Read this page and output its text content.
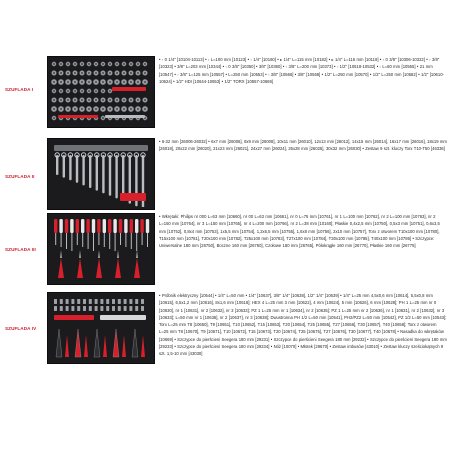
SZUFLADA I

• ◦ 0 1/4" [10104-10113] • ◦ L=100 mm [10123] • ◦ 1/4" [10160] • ▸ 1/4" L=115 mm [10182] • ▸ 1/4" L=116 mm [10119] • ◦ 0 3/8" [10306-10322] • ◦ 3/8" [10323] • 3/8" L=203 mm [10344] • ◦ 0 3/8" [10350] • 3/8" [10360] • ◦ 3/8" L=200 mm [10373] • ◦ 1/2" [10518-10532] • ◦ L=60 mm [10555] • 21 mm [10547] • ◦ 3/8" L=125 mm [10557] • L=250 mm [10553] • ◦ 3/8" [10566] • 3/8" [10568] • 1/2" L=250 mm [10570] • 1/2" L=250 mm [10582] • 1/2" [10610-10624] • 1/2" HDI [10644-10653] • 1/2" TORX [10657-10669]

SZUFLADA II

• 6-32 mm [26006-26032] • 6x7 mm [26006], 8x9 mm [26008], 10x11 mm [26010], 12x13 mm [26012], 14x15 mm [26014], 16x17 mm [26016], 18x19 mm [26018], 20x22 mm [26020], 21x23 mm [26021], 24x27 mm [26024], 25x28 mm [26025], 30x32 mm [26030] • Zestaw 9 szt. kluczy Torx T10-T50 [46336]

SZUFLADA III

• Wkrętaki: Philips nr 000 L=63 mm [10660], nr 00 L=63 mm [10661], nr 0 L=75 mm [10761], nr 1 L=100 mm [10762], nr 2 L=100 mm [10763], nr 2 L=150 mm [10764], nr 3 L=150 mm [10765], nr 4 L=200 mm [10766], nr 2 L=38 mm [10160]; Płaskie 0,4x2,5 mm [10750], 0,5x3 mm [10751], 0,6x3,5 mm [10752], 0,8x4 mm [10753], 1x5,5 mm [10754], 1,2x6,5 mm [10755], 1,6x8 mm [10756], 2x10 mm [10757], Torx z otworem T10x100 mm [10780], T15x100 mm [10781], T20x100 mm [10782], T25x100 mm [10783], T27x100 mm [10784], T30x100 mm [10785], T40x100 mm [10786] • Szczypce: Uniwersalne 180 mm [26750], Boczne 160 mm [26760], Czołowe 160 mm [26765], Półokrągłe 160 mm [26770], Płaskie 160 mm [26775]

SZUFLADA IV

• Próbnik elektryczny [10544] • 1/4" L=50 mm • 1/4" [10637], 3/8" 1/4" [10638], 1/2" 1/4" [10639] • 1/4" L=25 mm 4,5x0,6 mm [10614], 5,5x0,8 mm [10615], 6,5x1,2 mm [10616], 8x1,6 mm [10618]; HEX 4 L=25 mm 3 mm [10622], 4 mm [10624], 5 mm [10626], 6 mm [10628]; PH 1 L=25 mm nr 0 [10630], nr 1 [10631], nr 2 [10632], nr 3 [10633]; PZ 1 L=25 mm nr 1 [10634], nr 2 [10635]; PZ 1 L=25 mm nr 2 [10636], nr 1 [10631], nr 2 [10632], nr 3 [10633]; L=50 mm nr 1 [10636], nr 2 [10637], nr 3 [10638]; Dwustronna PH 1/2 L=50 mm [10541], PH2/PZ2 L=50 mm [10542], PZ 1/2 L=50 mm [10543]; Torx L=25 mm T8 [10650], T9 [10651], T10 [10652], T15 [10653], T20 [10654], T25 [10655], T27 [10656], T30 [10657], T40 [10658]; Torx z otworem L=25 mm T8 [10670], T9 [10671], T10 [10672], T15 [10673], T20 [10674], T25 [10675], T27 [10676], T30 [10677], T40 [10678] • Nasadka do wkrętaków [10669] • Szczypce do pierścieni Seegera 180 mm [29231] • Szczypce do pierścieni Seegera 180 mm [29232] • Szczypce do pierścieni Seegera 180 mm [29233] • Szczypce do pierścieni Seegera 180 mm [29234] • Nóż [10070] • Młotek [29670] • Zestaw imbusów [43010] • Zestaw kluczy sześciokątnych 9 szt. 1,5-10 mm [43030]
